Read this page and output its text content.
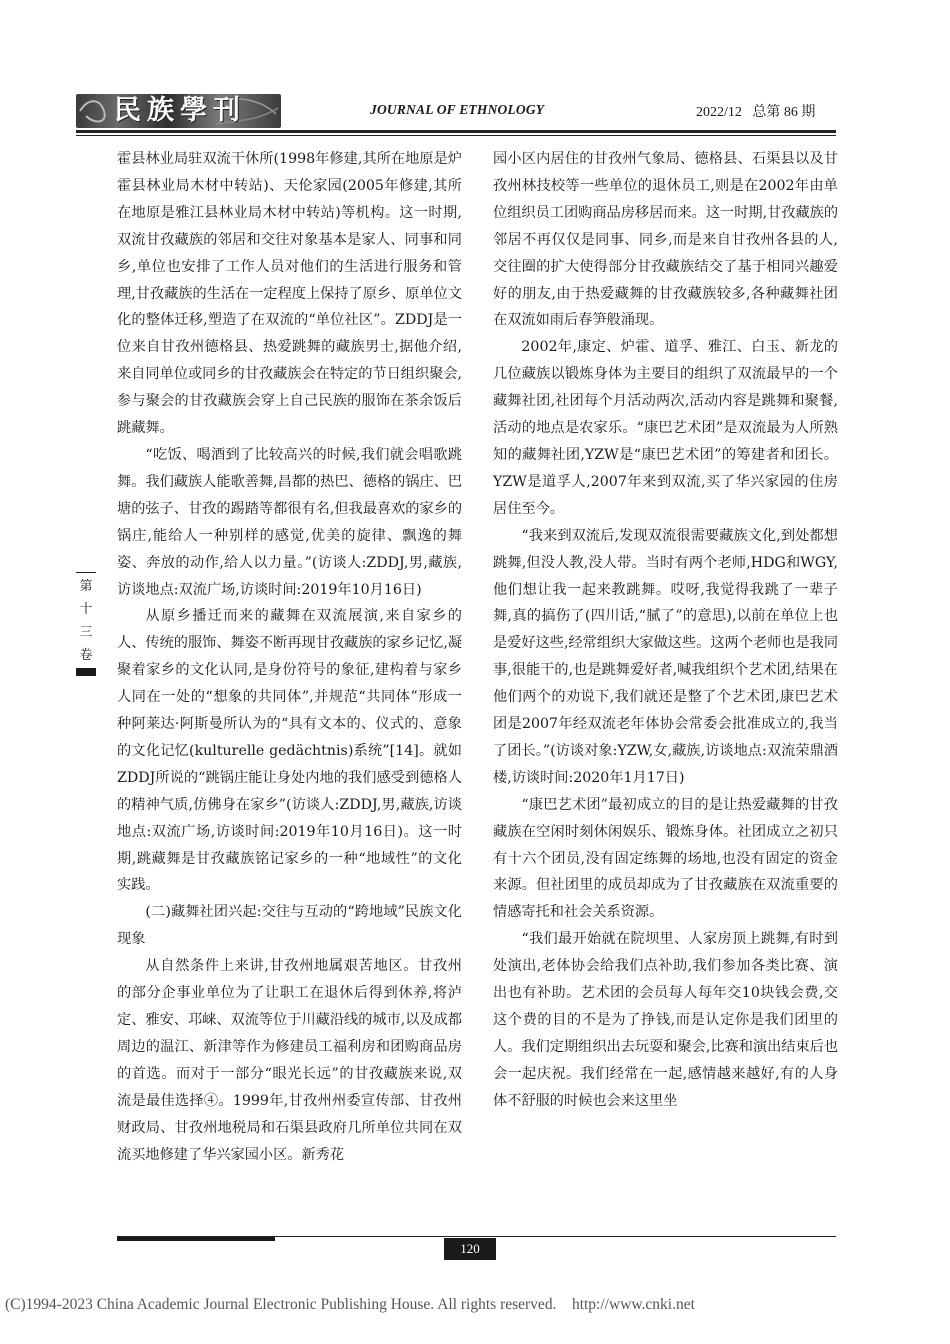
民族學刊	JOURNAL OF ETHNOLOGY	2022/12   总第 86 期

霍县林业局驻双流干休所(1998年修建,其所在地原是炉霍县林业局木材中转站)、天伦家园(2005年修建,其所在地原是雅江县林业局木材中转站)等机构。这一时期,双流甘孜藏族的邻居和交往对象基本是家人、同事和同乡,单位也安排了工作人员对他们的生活进行服务和管理,甘孜藏族的生活在一定程度上保持了原乡、原单位文化的整体迁移,塑造了在双流的“单位社区”。ZDDJ是一位来自甘孜州德格县、热爱跳舞的藏族男士,据他介绍,来自同单位或同乡的甘孜藏族会在特定的节日组织聚会,参与聚会的甘孜藏族会穿上自己民族的服饰在茶余饭后跳藏舞。

“吃饭、喝酒到了比较高兴的时候,我们就会唱歌跳舞。我们藏族人能歌善舞,昌都的热巴、德格的锅庄、巴塘的弦子、甘孜的踢踏等都很有名,但我最喜欢的家乡的锅庄,能给人一种别样的感觉,优美的旋律、飘逸的舞姿、奔放的动作,给人以力量。”(访谈人:ZDDJ,男,藏族,访谈地点:双流广场,访谈时间:2019年10月16日)

从原乡播迁而来的藏舞在双流展演,来自家乡的人、传统的服饰、舞姿不断再现甘孜藏族的家乡记忆,凝聚着家乡的文化认同,是身份符号的象征,建构着与家乡人同在一处的“想象的共同体”,并规范“共同体”形成一种阿莱达·阿斯曼所认为的“具有文本的、仪式的、意象的文化记忆(kulturelle gedächtnis)系统”[14]。就如ZDDJ所说的“跳锅庄能让身处内地的我们感受到德格人的精神气质,仿佛身在家乡”(访谈人:ZDDJ,男,藏族,访谈地点:双流广场,访谈时间:2019年10月16日)。这一时期,跳藏舞是甘孜藏族铭记家乡的一种“地域性”的文化实践。

(二)藏舞社团兴起:交往与互动的“跨地域”民族文化现象

从自然条件上来讲,甘孜州地属艰苦地区。甘孜州的部分企事业单位为了让职工在退休后得到休养,将泸定、雅安、邛崃、双流等位于川藏沿线的城市,以及成都周边的温江、新津等作为修建员工福利房和团购商品房的首选。而对于一部分“眼光长远”的甘孜藏族来说,双流是最佳选择④。1999年,甘孜州州委宣传部、甘孜州财政局、甘孜州地税局和石渠县政府几所单位共同在双流买地修建了华兴家园小区。新秀花

园小区内居住的甘孜州气象局、德格县、石渠县以及甘孜州林技校等一些单位的退休员工,则是在2002年由单位组织员工团购商品房移居而来。这一时期,甘孜藏族的邻居不再仅仅是同事、同乡,而是来自甘孜州各县的人,交往圈的扩大使得部分甘孜藏族结交了基于相同兴趣爱好的朋友,由于热爱藏舞的甘孜藏族较多,各种藏舞社团在双流如雨后春笋般涌现。

2002年,康定、炉霍、道孚、雅江、白玉、新龙的几位藏族以锻炼身体为主要目的组织了双流最早的一个藏舞社团,社团每个月活动两次,活动内容是跳舞和聚餐,活动的地点是农家乐。“康巴艺术团”是双流最为人所熟知的藏舞社团,YZW是“康巴艺术团”的筹建者和团长。YZW是道孚人,2007年来到双流,买了华兴家园的住房居住至今。

“我来到双流后,发现双流很需要藏族文化,到处都想跳舞,但没人教,没人带。当时有两个老师,HDG和WGY,他们想让我一起来教跳舞。哎呀,我觉得我跳了一辈子舞,真的搞伤了(四川话,“腻了”的意思),以前在单位上也是爱好这些,经常组织大家做这些。这两个老师也是我同事,很能干的,也是跳舞爱好者,喊我组织个艺术团,结果在他们两个的劝说下,我们就还是整了个艺术团,康巴艺术团是2007年经双流老年体协会常委会批准成立的,我当了团长。”(访谈对象:YZW,女,藏族,访谈地点:双流荣鼎酒楼,访谈时间:2020年1月17日)

“康巴艺术团”最初成立的目的是让热爱藏舞的甘孜藏族在空闲时刻休闲娱乐、锻炼身体。社团成立之初只有十六个团员,没有固定练舞的场地,也没有固定的资金来源。但社团里的成员却成为了甘孜藏族在双流重要的情感寄托和社会关系资源。

“我们最开始就在院坝里、人家房顶上跳舞,有时到处演出,老体协会给我们点补助,我们参加各类比赛、演出也有补助。艺术团的会员每人每年交10块钱会费,交这个费的目的不是为了挣钱,而是认定你是我们团里的人。我们定期组织出去玩耍和聚会,比赛和演出结束后也会一起庆祝。我们经常在一起,感情越来越好,有的人身体不舒服的时候也会来这里坐

第
十
三
卷
120
(C)1994-2023 China Academic Journal Electronic Publishing House. All rights reserved.    http://www.cnki.net
